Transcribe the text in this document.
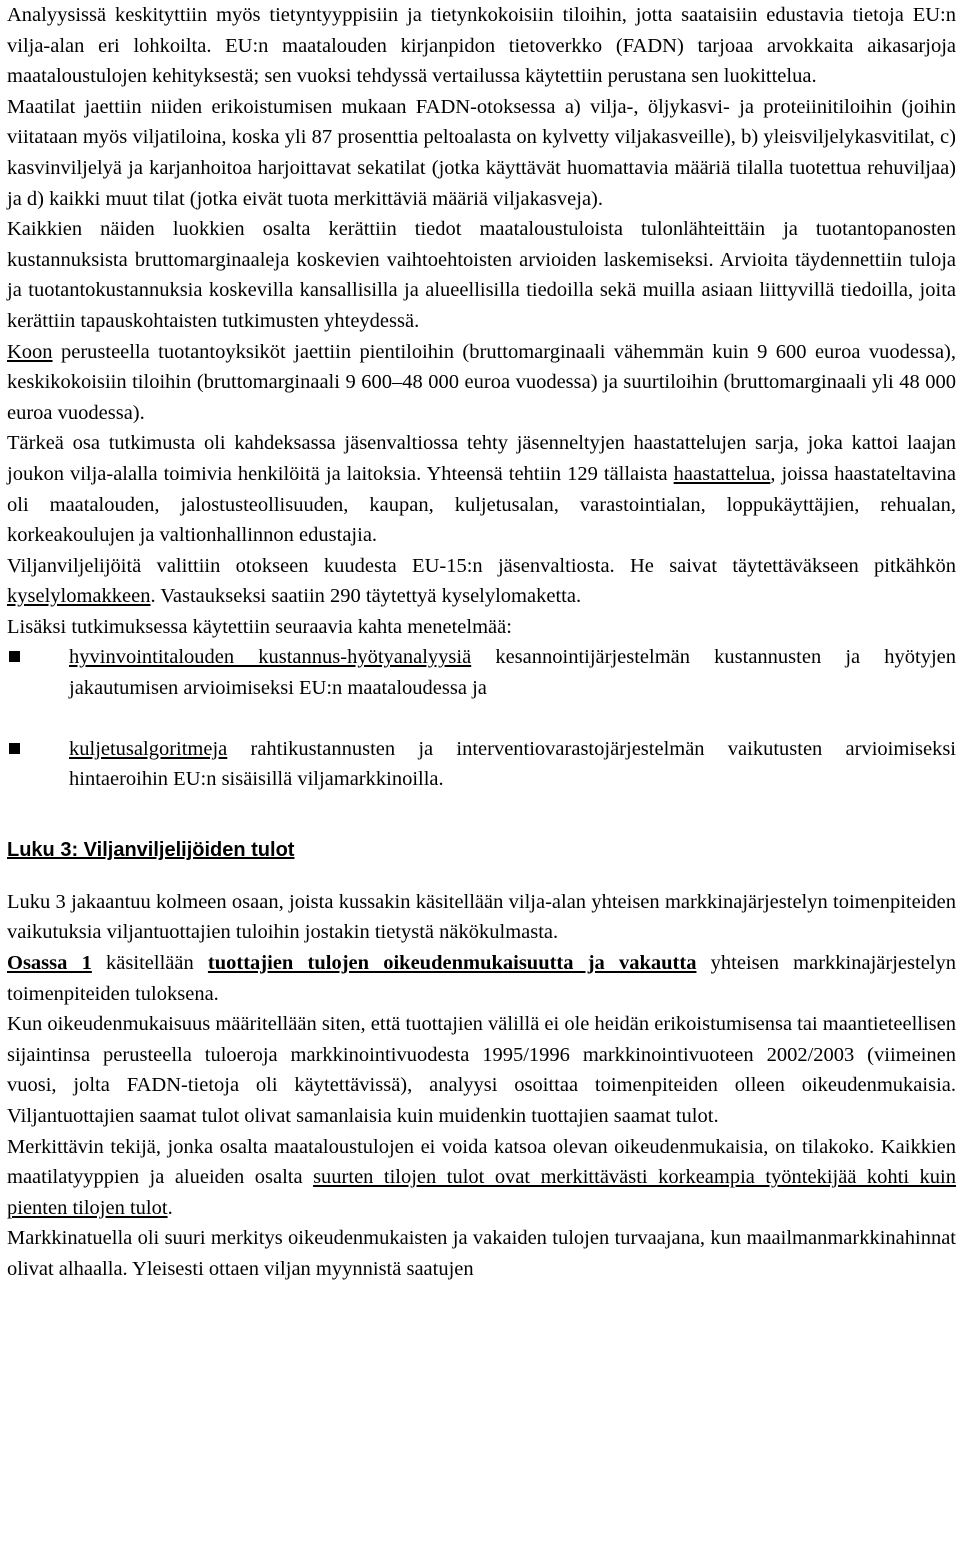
Analyysissä keskityttiin myös tietyntyyppisiin ja tietynkokoisiin tiloihin, jotta saataisiin edustavia tietoja EU:n vilja-alan eri lohkoilta. EU:n maatalouden kirjanpidon tietoverkko (FADN) tarjoaa arvokkaita aikasarjoja maataloustulojen kehityksestä; sen vuoksi tehdyssä vertailussa käytettiin perustana sen luokittelua.

Maatilat jaettiin niiden erikoistumisen mukaan FADN-otoksessa a) vilja-, öljykasvi- ja proteiinitiloihin (joihin viitataan myös viljatiloina, koska yli 87 prosenttia peltoalasta on kylvetty viljakasveille), b) yleisviljelykasvitilat, c) kasvinviljelyä ja karjanhoitoa harjoittavat sekatilat (jotka käyttävät huomattavia määriä tilalla tuotettua rehuviljaa) ja d) kaikki muut tilat (jotka eivät tuota merkittäviä määriä viljakasveja).

Kaikkien näiden luokkien osalta kerättiin tiedot maataloustuloista tulonlähteittäin ja tuotantopanosten kustannuksista bruttomarginaaleja koskevien vaihtoehtoisten arvioiden laskemiseksi. Arvioita täydennettiin tuloja ja tuotantokustannuksia koskevilla kansallisilla ja alueellisilla tiedoilla sekä muilla asiaan liittyvillä tiedoilla, joita kerättiin tapauskohtaisten tutkimusten yhteydessä.

Koon perusteella tuotantoyksiköt jaettiin pientiloihin (bruttomarginaali vähemmän kuin 9 600 euroa vuodessa), keskikokoisiin tiloihin (bruttomarginaali 9 600–48 000 euroa vuodessa) ja suurtiloihin (bruttomarginaali yli 48 000 euroa vuodessa).

Tärkeä osa tutkimusta oli kahdeksassa jäsenvaltiossa tehty jäsenneltyjen haastattelujen sarja, joka kattoi laajan joukon vilja-alalla toimivia henkilöitä ja laitoksia. Yhteensä tehtiin 129 tällaista haastattelua, joissa haastateltavina oli maatalouden, jalostusteollisuuden, kaupan, kuljetusalan, varastointialan, loppukäyttäjien, rehualan, korkeakoulujen ja valtionhallinnon edustajia.

Viljanviljelijöitä valittiin otokseen kuudesta EU-15:n jäsenvaltiosta. He saivat täytettäväkseen pitkähkön kyselylomakkeen. Vastaukseksi saatiin 290 täytettyä kyselylomaketta.

Lisäksi tutkimuksessa käytettiin seuraavia kahta menetelmää:

hyvinvointitalouden kustannus-hyötyanalyysiä kesannointijärjestelmän kustannusten ja hyötyjen jakautumisen arvioimiseksi EU:n maataloudessa ja
kuljetusalgoritmeja rahtikustannusten ja interventiovarastojärjestelmän vaikutusten arvioimiseksi hintaeroihin EU:n sisäisillä viljamarkkinoilla.
Luku 3: Viljanviljelijöiden tulot

Luku 3 jakaantuu kolmeen osaan, joista kussakin käsitellään vilja-alan yhteisen markkinajärjestelyn toimenpiteiden vaikutuksia viljantuottajien tuloihin jostakin tietystä näkökulmasta.

Osassa 1 käsitellään tuottajien tulojen oikeudenmukaisuutta ja vakautta yhteisen markkinajärjestelyn toimenpiteiden tuloksena.

Kun oikeudenmukaisuus määritellään siten, että tuottajien välillä ei ole heidän erikoistumisensa tai maantieteellisen sijaintinsa perusteella tuloeroja markkinointivuodesta 1995/1996 markkinointivuoteen 2002/2003 (viimeinen vuosi, jolta FADN-tietoja oli käytettävissä), analyysi osoittaa toimenpiteiden olleen oikeudenmukaisia. Viljantuottajien saamat tulot olivat samanlaisia kuin muidenkin tuottajien saamat tulot.

Merkittävin tekijä, jonka osalta maataloustulojen ei voida katsoa olevan oikeudenmukaisia, on tilakoko. Kaikkien maatilatyyppien ja alueiden osalta suurten tilojen tulot ovat merkittävästi korkeampia työntekijää kohti kuin pienten tilojen tulot.

Markkinatuella oli suuri merkitys oikeudenmukaisten ja vakaiden tulojen turvaajana, kun maailmanmarkkinahinnat olivat alhaalla. Yleisesti ottaen viljan myynnistä saatujen
